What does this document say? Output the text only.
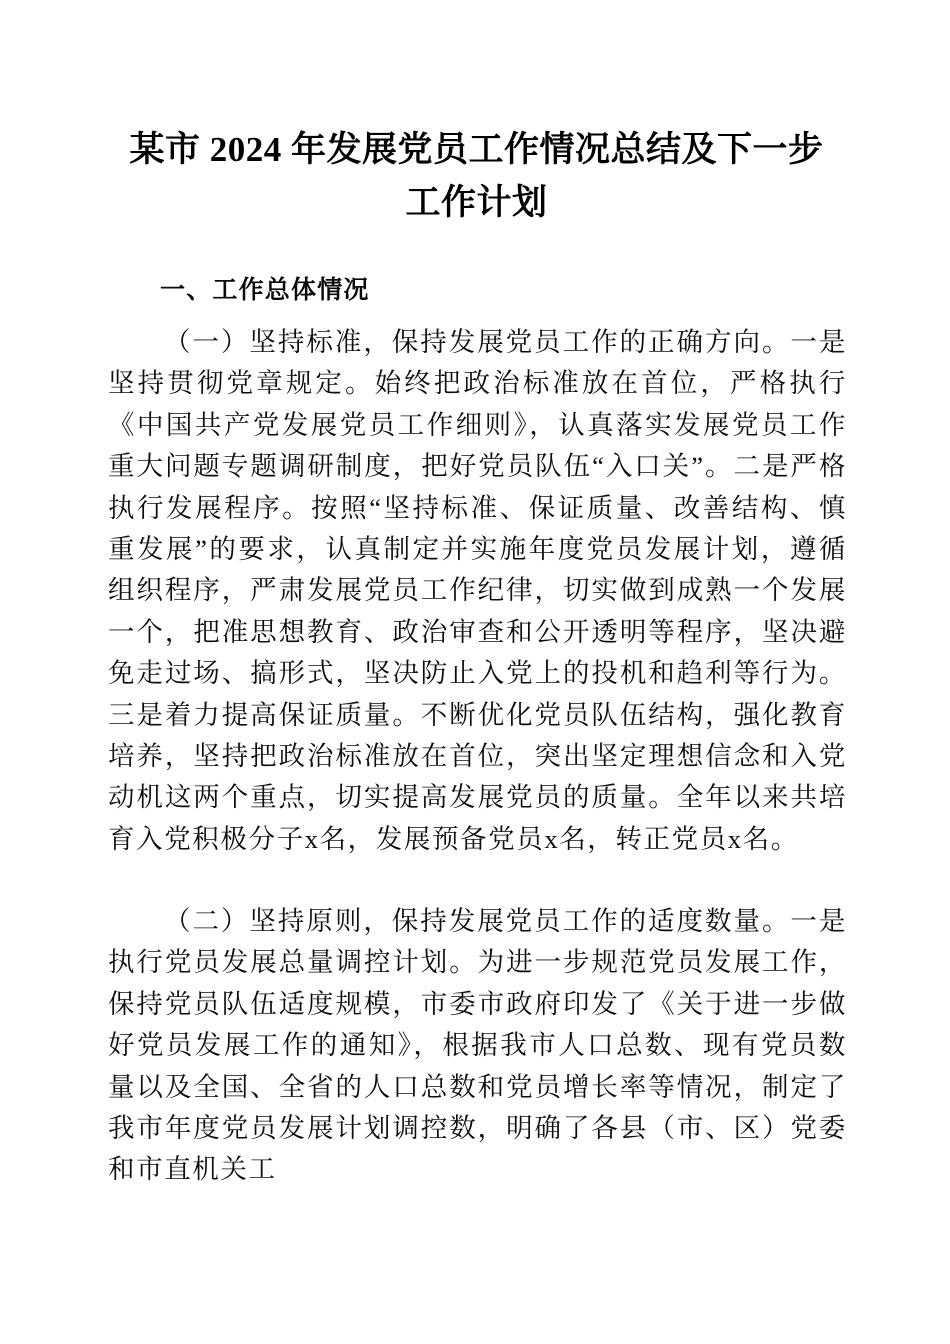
某市 2024 年发展党员工作情况总结及下一步
工作计划
一、工作总体情况

（一）坚持标准，保持发展党员工作的正确方向。一是坚持贯彻党章规定。始终把政治标准放在首位，严格执行《中国共产党发展党员工作细则》，认真落实发展党员工作重大问题专题调研制度，把好党员队伍“入口关”。二是严格执行发展程序。按照“坚持标准、保证质量、改善结构、慎重发展”的要求，认真制定并实施年度党员发展计划，遵循组织程序，严肃发展党员工作纪律，切实做到成熟一个发展一个，把准思想教育、政治审查和公开透明等程序，坚决避免走过场、搞形式，坚决防止入党上的投机和趋利等行为。三是着力提高保证质量。不断优化党员队伍结构，强化教育培养，坚持把政治标准放在首位，突出坚定理想信念和入党动机这两个重点，切实提高发展党员的质量。全年以来共培育入党积极分子x名，发展预备党员x名，转正党员x名。

（二）坚持原则，保持发展党员工作的适度数量。一是执行党员发展总量调控计划。为进一步规范党员发展工作，保持党员队伍适度规模，市委市政府印发了《关于进一步做好党员发展工作的通知》，根据我市人口总数、现有党员数量以及全国、全省的人口总数和党员增长率等情况，制定了我市年度党员发展计划调控数，明确了各县（市、区）党委和市直机关工
